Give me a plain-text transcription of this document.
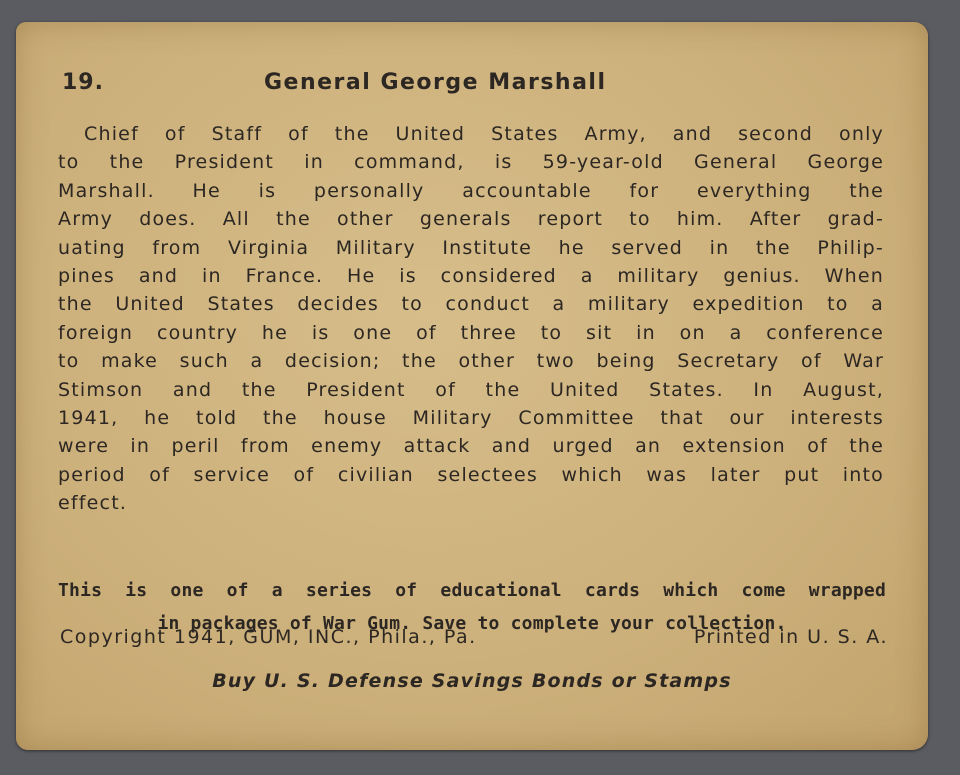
19.	General George Marshall
Chief of Staff of the United States Army, and second only
to the President in command, is 59-year-old General George
Marshall. He is personally accountable for everything the
Army does. All the other generals report to him. After grad-
uating from Virginia Military Institute he served in the Philip-
pines and in France. He is considered a military genius. When
the United States decides to conduct a military expedition to a
foreign country he is one of three to sit in on a conference
to make such a decision; the other two being Secretary of War
Stimson and the President of the United States. In August,
1941, he told the house Military Committee that our interests
were in peril from enemy attack and urged an extension of the
period of service of civilian selectees which was later put into
effect.
This is one of a series of educational cards which come wrapped
in packages of War Gum. Save to complete your collection.
Copyright 1941, GUM, INC., Phila., Pa.	Printed in U. S. A.
Buy U. S. Defense Savings Bonds or Stamps
